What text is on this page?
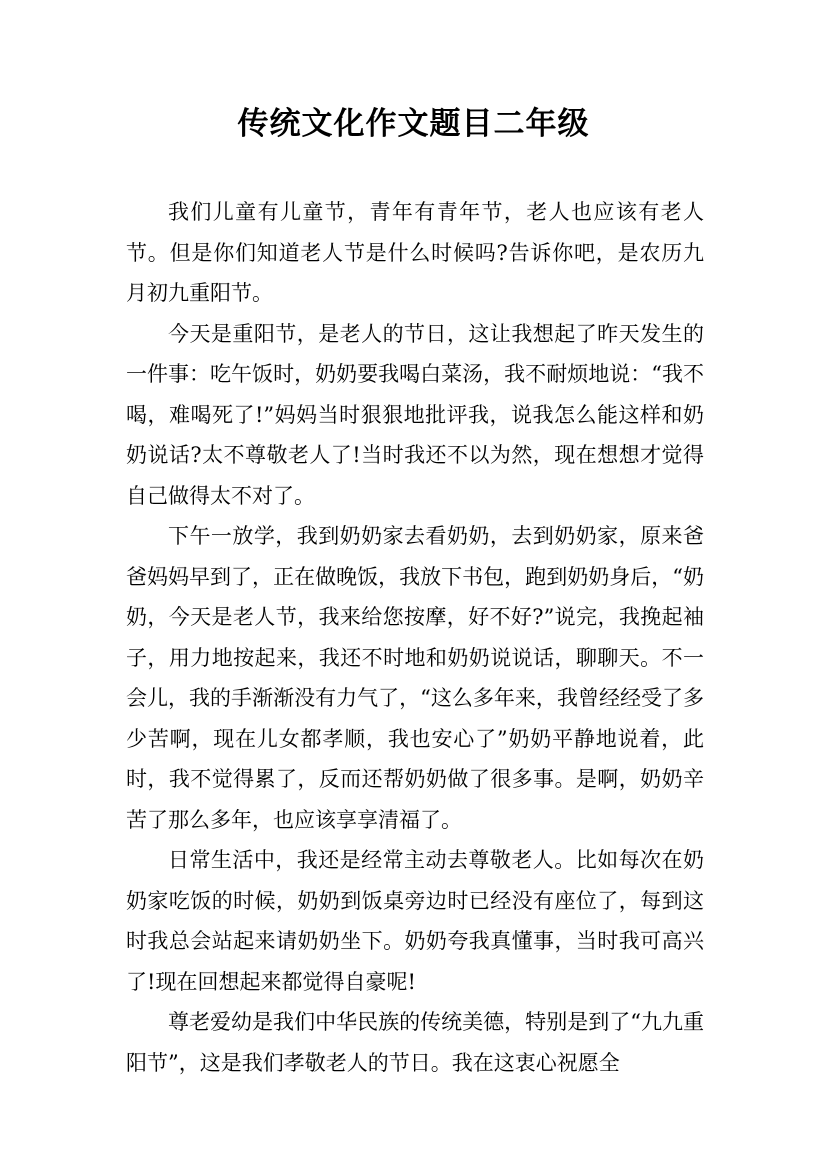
传统文化作文题目二年级

我们儿童有儿童节，青年有青年节，老人也应该有老人节。但是你们知道老人节是什么时候吗?告诉你吧，是农历九月初九重阳节。

今天是重阳节，是老人的节日，这让我想起了昨天发生的一件事：吃午饭时，奶奶要我喝白菜汤，我不耐烦地说：“我不喝，难喝死了!”妈妈当时狠狠地批评我，说我怎么能这样和奶奶说话?太不尊敬老人了!当时我还不以为然，现在想想才觉得自己做得太不对了。

下午一放学，我到奶奶家去看奶奶，去到奶奶家，原来爸爸妈妈早到了，正在做晚饭，我放下书包，跑到奶奶身后，“奶奶，今天是老人节，我来给您按摩，好不好?”说完，我挽起袖子，用力地按起来，我还不时地和奶奶说说话，聊聊天。不一会儿，我的手渐渐没有力气了，“这么多年来，我曾经经受了多少苦啊，现在儿女都孝顺，我也安心了”奶奶平静地说着，此时，我不觉得累了，反而还帮奶奶做了很多事。是啊，奶奶辛苦了那么多年，也应该享享清福了。

日常生活中，我还是经常主动去尊敬老人。比如每次在奶奶家吃饭的时候，奶奶到饭桌旁边时已经没有座位了，每到这时我总会站起来请奶奶坐下。奶奶夸我真懂事，当时我可高兴了!现在回想起来都觉得自豪呢!

尊老爱幼是我们中华民族的传统美德，特别是到了“九九重阳节”，这是我们孝敬老人的节日。我在这衷心祝愿全
